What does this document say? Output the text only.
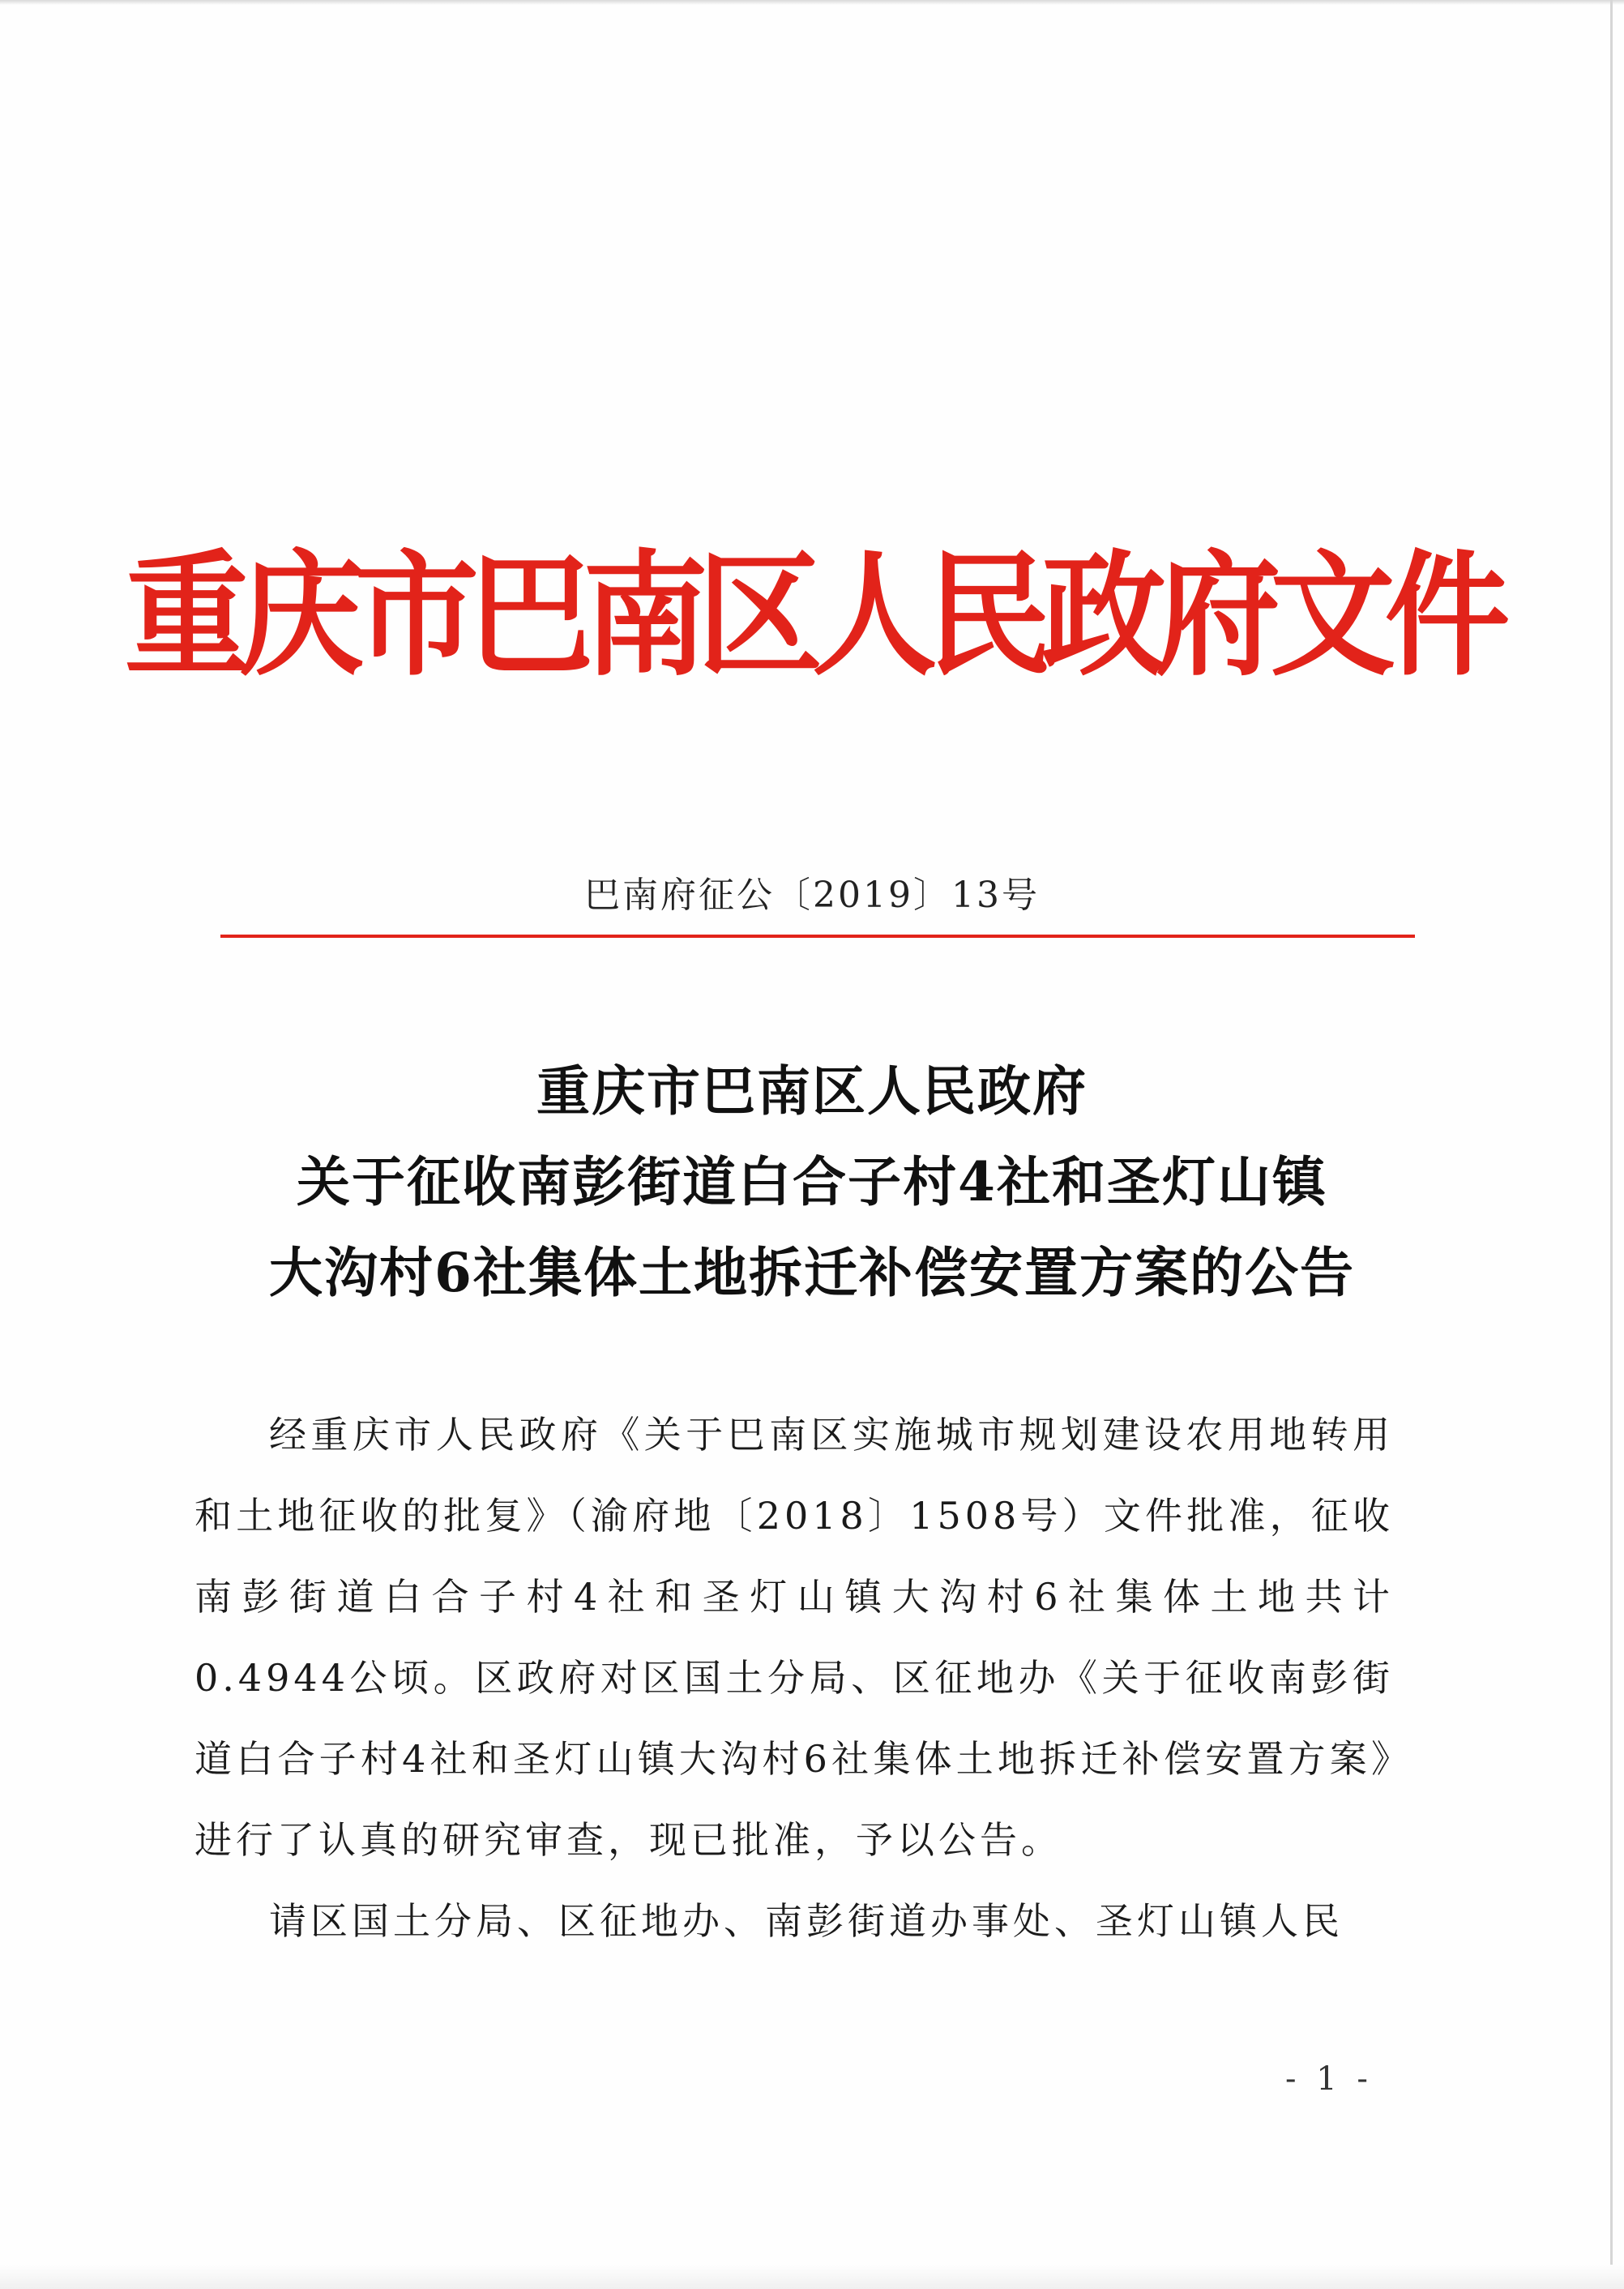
重庆市巴南区人民政府文件
巴南府征公〔2019〕13号
重庆市巴南区人民政府
关于征收南彭街道白合子村4社和圣灯山镇
大沟村6社集体土地拆迁补偿安置方案的公告

经重庆市人民政府《关于巴南区实施城市规划建设农用地转用和土地征收的批复》（渝府地〔2018〕1508号）文件批准，征收南彭街道白合子村4社和圣灯山镇大沟村6社集体土地共计0.4944公顷。区政府对区国土分局、区征地办《关于征收南彭街道白合子村4社和圣灯山镇大沟村6社集体土地拆迁补偿安置方案》进行了认真的研究审查，现已批准，予以公告。

请区国土分局、区征地办、南彭街道办事处、圣灯山镇人民

- 1 -
